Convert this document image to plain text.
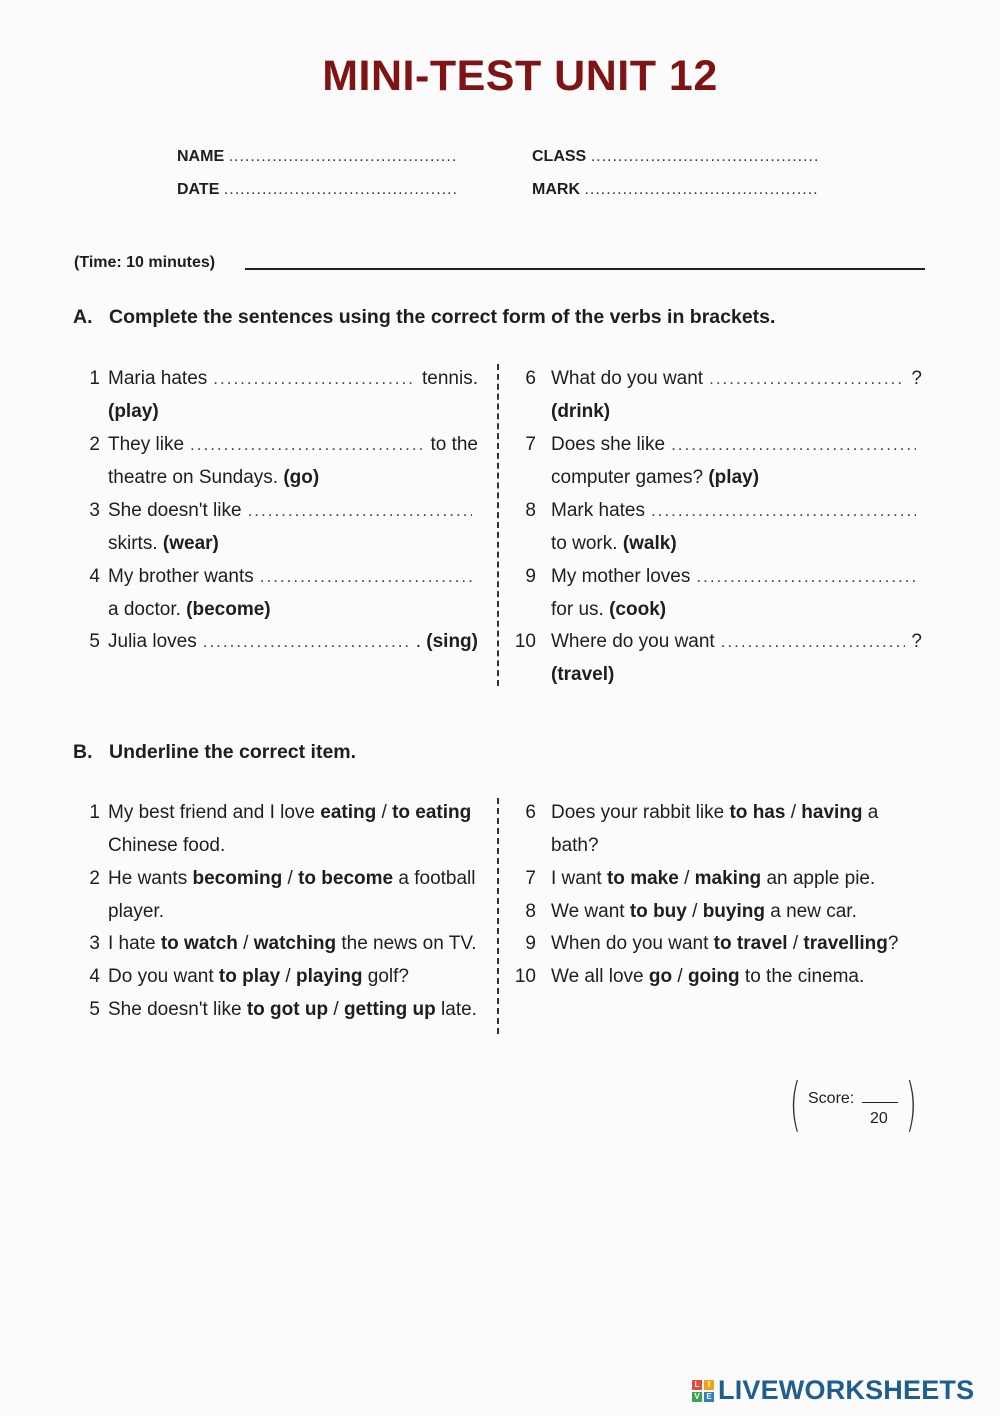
MINI-TEST UNIT 12
NAME ..........................................	CLASS ..........................................
DATE ...........................................	MARK ...........................................
(Time: 10 minutes)
A. Complete the sentences using the correct form of the verbs in brackets.
1 Maria hates .....	tennis.
(play)
2 They like .....	to the
theatre on Sundays. (go)
3 She doesn't like
.....
skirts. (wear)
4 My brother wants
.....
a doctor. (become)
5 Julia loves .....	.
(sing)
6 What do you want .....	?
(drink)
7 Does she like
.....
computer games? (play)
8 Mark hates
.....
to work. (walk)
9 My mother loves
.....
for us. (cook)
10 Where do you want .....	?
(travel)
B. Underline the correct item.
1 My best friend and I love eating / to eating
Chinese food.
2 He wants becoming / to become a football
player.
3 I hate to watch / watching the news on TV.
4 Do you want to play / playing golf?
5 She doesn't like to got up / getting up late.
6 Does your rabbit like to has / having a
bath?
7 I want to make / making an apple pie.
8 We want to buy / buying a new car.
9 When do you want to travel / travelling?
10 We all love go / going to the cinema.
( Score:
20 )
L	I
V E LIVEWORKSHEETS
